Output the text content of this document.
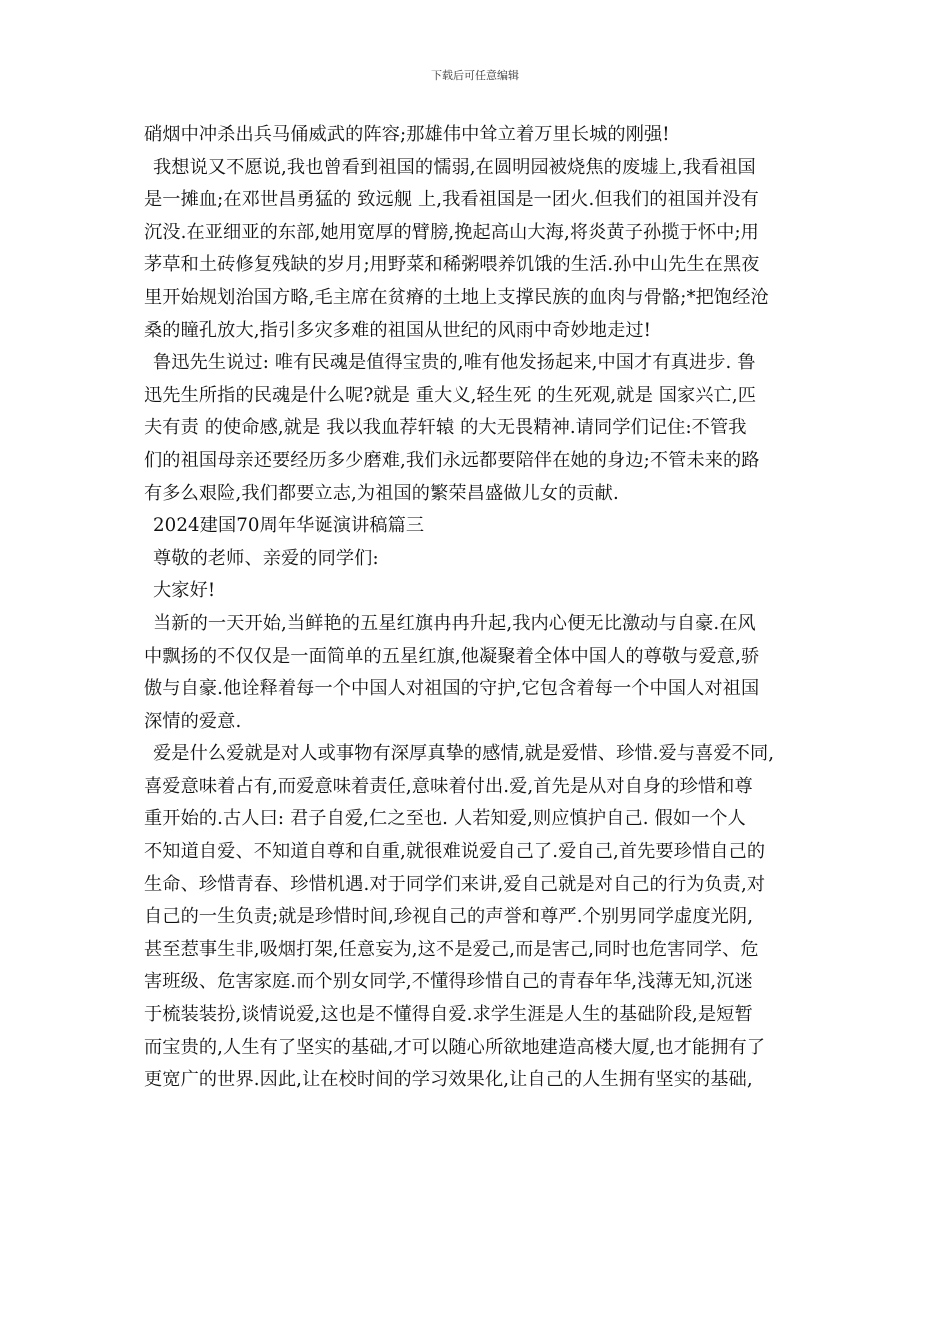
下载后可任意编辑
硝烟中冲杀出兵马俑威武的阵容;那雄伟中耸立着万里长城的刚强!
我想说又不愿说,我也曾看到祖国的懦弱,在圆明园被烧焦的废墟上,我看祖国
是一摊血;在邓世昌勇猛的 致远舰 上,我看祖国是一团火.但我们的祖国并没有
沉没.在亚细亚的东部,她用宽厚的臂膀,挽起高山大海,将炎黄子孙揽于怀中;用
茅草和土砖修复残缺的岁月;用野菜和稀粥喂养饥饿的生活.孙中山先生在黑夜
里开始规划治国方略,毛主席在贫瘠的土地上支撑民族的血肉与骨骼;*把饱经沧
桑的瞳孔放大,指引多灾多难的祖国从世纪的风雨中奇妙地走过!
鲁迅先生说过: 唯有民魂是值得宝贵的,唯有他发扬起来,中国才有真进步. 鲁
迅先生所指的民魂是什么呢?就是 重大义,轻生死 的生死观,就是 国家兴亡,匹
夫有责 的使命感,就是 我以我血荐轩辕 的大无畏精神.请同学们记住:不管我
们的祖国母亲还要经历多少磨难,我们永远都要陪伴在她的身边;不管未来的路
有多么艰险,我们都要立志,为祖国的繁荣昌盛做儿女的贡献.
2024建国70周年华诞演讲稿篇三
尊敬的老师、亲爱的同学们:
大家好!
当新的一天开始,当鲜艳的五星红旗冉冉升起,我内心便无比激动与自豪.在风
中飘扬的不仅仅是一面简单的五星红旗,他凝聚着全体中国人的尊敬与爱意,骄
傲与自豪.他诠释着每一个中国人对祖国的守护,它包含着每一个中国人对祖国
深情的爱意.
爱是什么爱就是对人或事物有深厚真挚的感情,就是爱惜、珍惜.爱与喜爱不同,
喜爱意味着占有,而爱意味着责任,意味着付出.爱,首先是从对自身的珍惜和尊
重开始的.古人曰: 君子自爱,仁之至也. 人若知爱,则应慎护自己. 假如一个人
不知道自爱、不知道自尊和自重,就很难说爱自己了.爱自己,首先要珍惜自己的
生命、珍惜青春、珍惜机遇.对于同学们来讲,爱自己就是对自己的行为负责,对
自己的一生负责;就是珍惜时间,珍视自己的声誉和尊严.个别男同学虚度光阴,
甚至惹事生非,吸烟打架,任意妄为,这不是爱己,而是害己,同时也危害同学、危
害班级、危害家庭.而个别女同学,不懂得珍惜自己的青春年华,浅薄无知,沉迷
于梳装装扮,谈情说爱,这也是不懂得自爱.求学生涯是人生的基础阶段,是短暂
而宝贵的,人生有了坚实的基础,才可以随心所欲地建造高楼大厦,也才能拥有了
更宽广的世界.因此,让在校时间的学习效果化,让自己的人生拥有坚实的基础,
